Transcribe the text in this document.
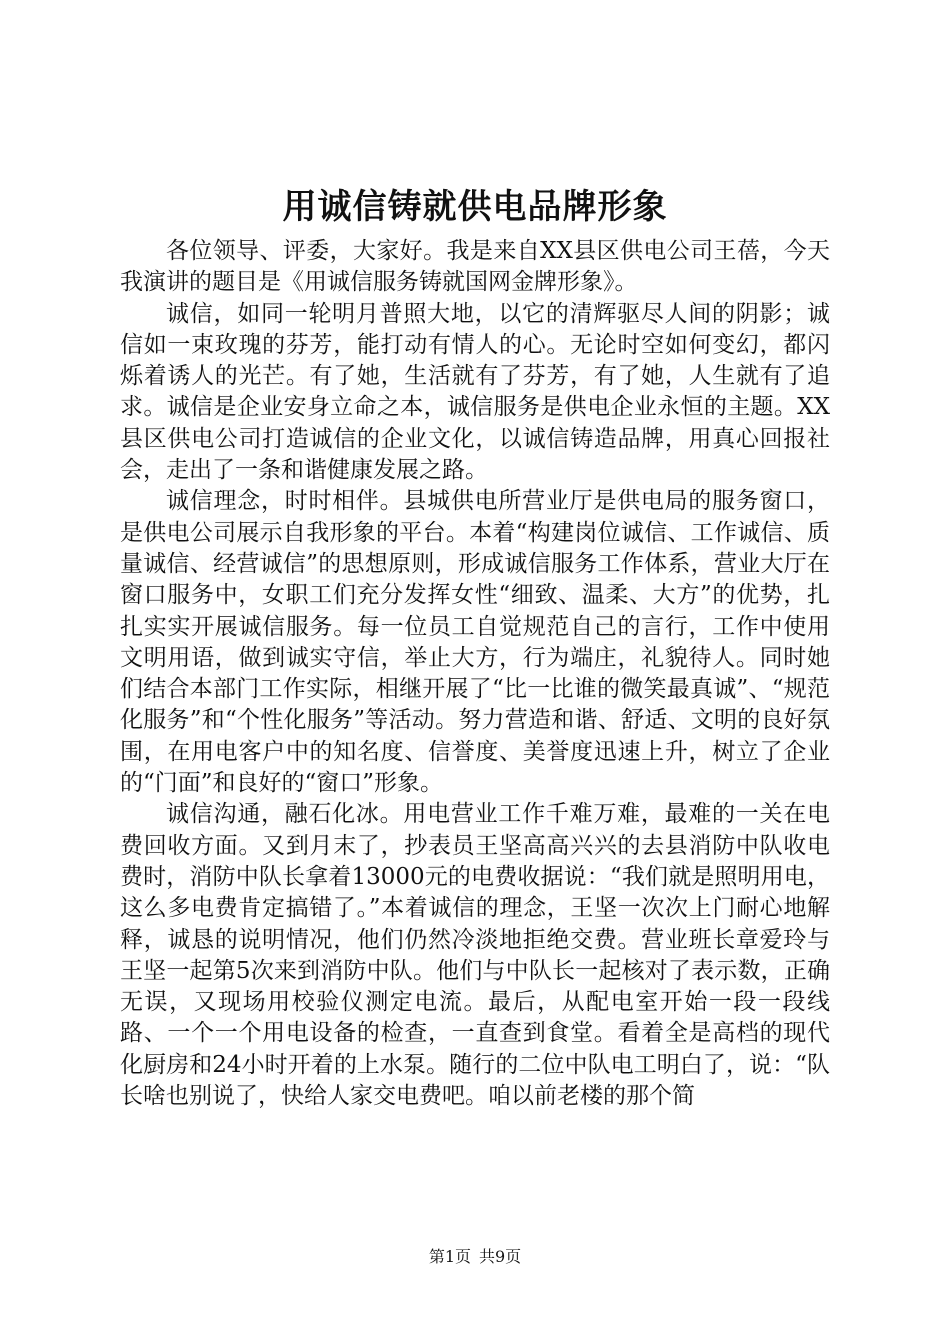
用诚信铸就供电品牌形象

各位领导、评委，大家好。我是来自XX县区供电公司王蓓，今天我演讲的题目是《用诚信服务铸就国网金牌形象》。

诚信，如同一轮明月普照大地，以它的清辉驱尽人间的阴影；诚信如一束玫瑰的芬芳，能打动有情人的心。无论时空如何变幻，都闪烁着诱人的光芒。有了她，生活就有了芬芳，有了她，人生就有了追求。诚信是企业安身立命之本，诚信服务是供电企业永恒的主题。XX县区供电公司打造诚信的企业文化，以诚信铸造品牌，用真心回报社会，走出了一条和谐健康发展之路。

诚信理念，时时相伴。县城供电所营业厅是供电局的服务窗口，是供电公司展示自我形象的平台。本着“构建岗位诚信、工作诚信、质量诚信、经营诚信”的思想原则，形成诚信服务工作体系，营业大厅在窗口服务中，女职工们充分发挥女性“细致、温柔、大方”的优势，扎扎实实开展诚信服务。每一位员工自觉规范自己的言行，工作中使用文明用语，做到诚实守信，举止大方，行为端庄，礼貌待人。同时她们结合本部门工作实际，相继开展了“比一比谁的微笑最真诚”、“规范化服务”和“个性化服务”等活动。努力营造和谐、舒适、文明的良好氛围，在用电客户中的知名度、信誉度、美誉度迅速上升，树立了企业的“门面”和良好的“窗口”形象。

诚信沟通，融石化冰。用电营业工作千难万难，最难的一关在电费回收方面。又到月末了，抄表员王坚高高兴兴的去县消防中队收电费时，消防中队长拿着13000元的电费收据说：“我们就是照明用电，这么多电费肯定搞错了。”本着诚信的理念，王坚一次次上门耐心地解释，诚恳的说明情况，他们仍然冷淡地拒绝交费。营业班长章爱玲与王坚一起第5次来到消防中队。他们与中队长一起核对了表示数，正确无误，又现场用校验仪测定电流。最后，从配电室开始一段一段线路、一个一个用电设备的检查，一直查到食堂。看着全是高档的现代化厨房和24小时开着的上水泵。随行的二位中队电工明白了，说：“队长啥也别说了，快给人家交电费吧。咱以前老楼的那个简

第1页 共9页
